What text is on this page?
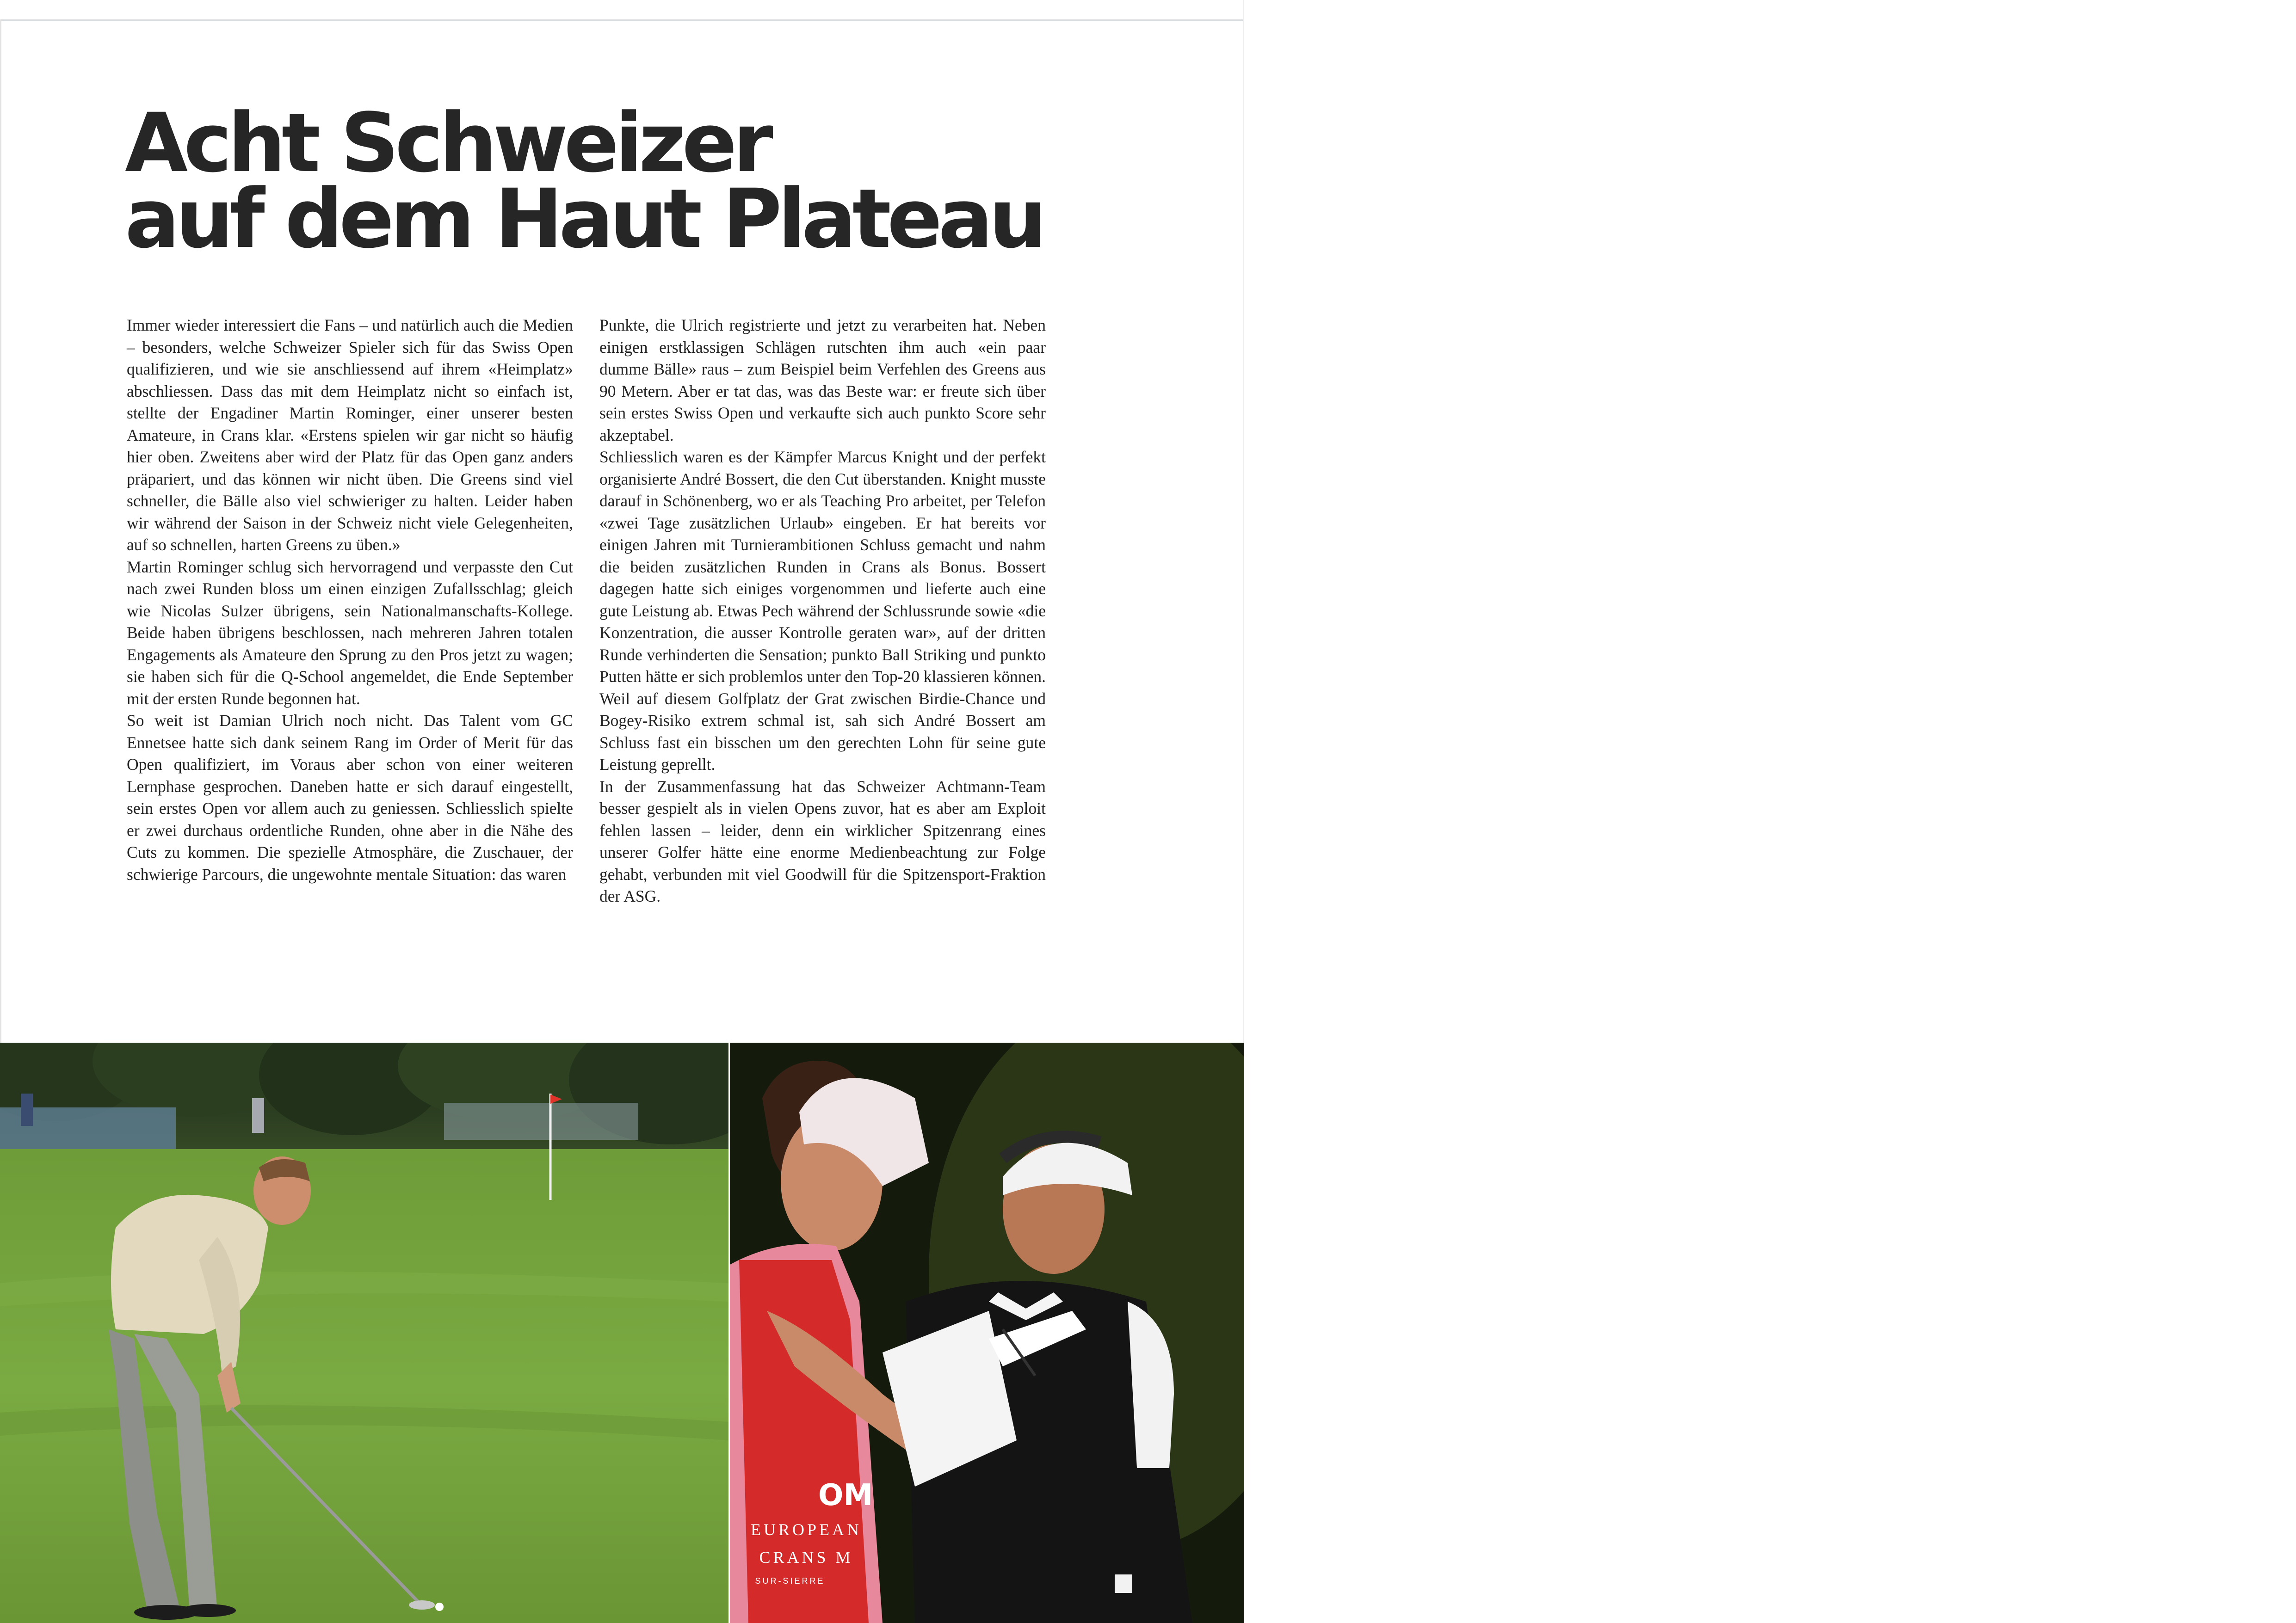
Acht Schweizer
auf dem Haut Plateau

Immer wieder interessiert die Fans – und natürlich auch die Medien – besonders, welche Schweizer Spieler sich für das Swiss Open qualifizieren, und wie sie anschliessend auf ihrem «Heimplatz» abschliessen. Dass das mit dem Heimplatz nicht so einfach ist, stellte der Engadiner Martin Rominger, einer unserer besten Amateure, in Crans klar. «Erstens spielen wir gar nicht so häufig hier oben. Zweitens aber wird der Platz für das Open ganz anders präpariert, und das können wir nicht üben. Die Greens sind viel schneller, die Bälle also viel schwieriger zu halten. Leider haben wir während der Saison in der Schweiz nicht viele Gelegenheiten, auf so schnellen, harten Greens zu üben.»

Martin Rominger schlug sich hervorragend und verpasste den Cut nach zwei Runden bloss um einen einzigen Zufallsschlag; gleich wie Nicolas Sulzer übrigens, sein Nationalmanschafts-Kollege. Beide haben übrigens beschlossen, nach mehreren Jahren totalen Engagements als Amateure den Sprung zu den Pros jetzt zu wagen; sie haben sich für die Q-School angemeldet, die Ende September mit der ersten Runde begonnen hat.

So weit ist Damian Ulrich noch nicht. Das Talent vom GC Ennetsee hatte sich dank seinem Rang im Order of Merit für das Open qualifiziert, im Voraus aber schon von einer weiteren Lernphase gesprochen. Daneben hatte er sich darauf eingestellt, sein erstes Open vor allem auch zu geniessen. Schliesslich spielte er zwei durchaus ordentliche Runden, ohne aber in die Nähe des Cuts zu kommen. Die spezielle Atmosphäre, die Zuschauer, der schwierige Parcours, die ungewohnte mentale Situation: das waren

Punkte, die Ulrich registrierte und jetzt zu verarbeiten hat. Neben einigen erstklassigen Schlägen rutschten ihm auch «ein paar dumme Bälle» raus – zum Beispiel beim Verfehlen des Greens aus 90 Metern. Aber er tat das, was das Beste war: er freute sich über sein erstes Swiss Open und verkaufte sich auch punkto Score sehr akzeptabel.

Schliesslich waren es der Kämpfer Marcus Knight und der perfekt organisierte André Bossert, die den Cut überstanden. Knight musste darauf in Schönenberg, wo er als Teaching Pro arbeitet, per Telefon «zwei Tage zusätzlichen Urlaub» eingeben. Er hat bereits vor einigen Jahren mit Turnierambitionen Schluss gemacht und nahm die beiden zusätzlichen Runden in Crans als Bonus. Bossert dagegen hatte sich einiges vorgenommen und lieferte auch eine gute Leistung ab. Etwas Pech während der Schlussrunde sowie «die Konzentration, die ausser Kontrolle geraten war», auf der dritten Runde verhinderten die Sensation; punkto Ball Striking und punkto Putten hätte er sich problemlos unter den Top-20 klassieren können. Weil auf diesem Golfplatz der Grat zwischen Birdie-Chance und Bogey-Risiko extrem schmal ist, sah sich André Bossert am Schluss fast ein bisschen um den gerechten Lohn für seine gute Leistung geprellt.

In der Zusammenfassung hat das Schweizer Achtmann-Team besser gespielt als in vielen Opens zuvor, hat es aber am Exploit fehlen lassen – leider, denn ein wirklicher Spitzenrang eines unserer Golfer hätte eine enorme Medienbeachtung zur Folge gehabt, verbunden mit viel Goodwill für die Spitzensport-Fraktion der ASG.

OM
EUROPEAN
CRANS M
SUR-SIERRE
